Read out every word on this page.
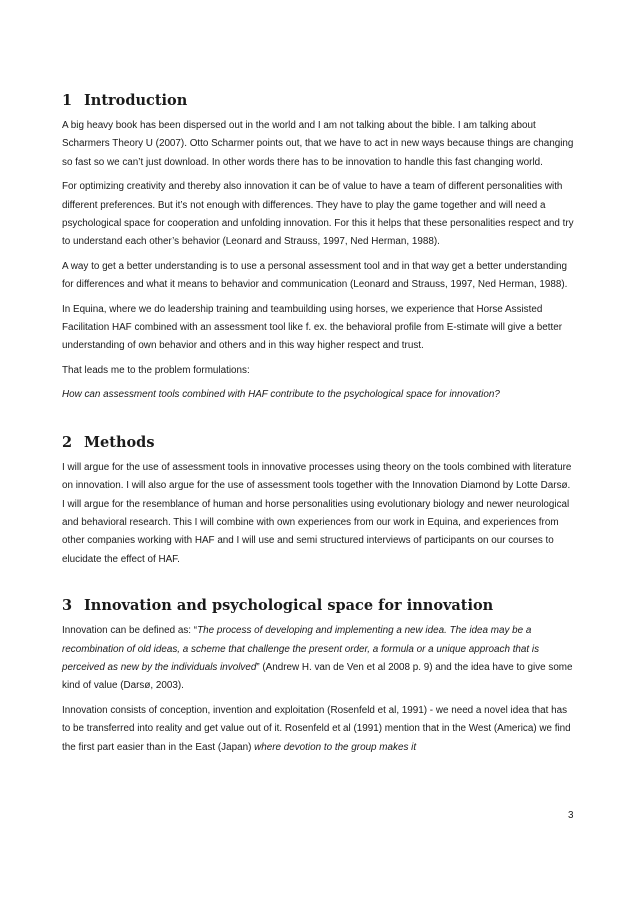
1 Introduction

A big heavy book has been dispersed out in the world and I am not talking about the bible. I am talking about Scharmers Theory U (2007). Otto Scharmer points out, that we have to act in new ways because things are changing so fast so we can’t just download. In other words there has to be innovation to handle this fast changing world.

For optimizing creativity and thereby also innovation it can be of value to have a team of different personalities with different preferences. But it’s not enough with differences. They have to play the game together and will need a psychological space for cooperation and unfolding innovation. For this it helps that these personalities respect and try to understand each other’s behavior (Leonard and Strauss, 1997, Ned Herman, 1988).

A way to get a better understanding is to use a personal assessment tool and in that way get a better understanding for differences and what it means to behavior and communication (Leonard and Strauss, 1997, Ned Herman, 1988).

In Equina, where we do leadership training and teambuilding using horses, we experience that Horse Assisted Facilitation HAF combined with an assessment tool like f. ex. the behavioral profile from E-stimate will give a better understanding of own behavior and others and in this way higher respect and trust.

That leads me to the problem formulations:

How can assessment tools combined with HAF contribute to the psychological space for innovation?

2 Methods

I will argue for the use of assessment tools in innovative processes using theory on the tools combined with literature on innovation. I will also argue for the use of assessment tools together with the Innovation Diamond by Lotte Darsø.

I will argue for the resemblance of human and horse personalities using evolutionary biology and newer neurological and behavioral research. This I will combine with own experiences from our work in Equina, and experiences from other companies working with HAF and I will use and semi structured interviews of participants on our courses to elucidate the effect of HAF.

3 Innovation and psychological space for innovation

Innovation can be defined as: “The process of developing and implementing a new idea. The idea may be a recombination of old ideas, a scheme that challenge the present order, a formula or a unique approach that is perceived as new by the individuals involved” (Andrew H. van de Ven et al 2008 p. 9) and the idea have to give some kind of value (Darsø, 2003).

Innovation consists of conception, invention and exploitation (Rosenfeld et al, 1991) - we need a novel idea that has to be transferred into reality and get value out of it. Rosenfeld et al (1991) mention that in the West (America) we find the first part easier than in the East (Japan) where devotion to the group makes it

3
